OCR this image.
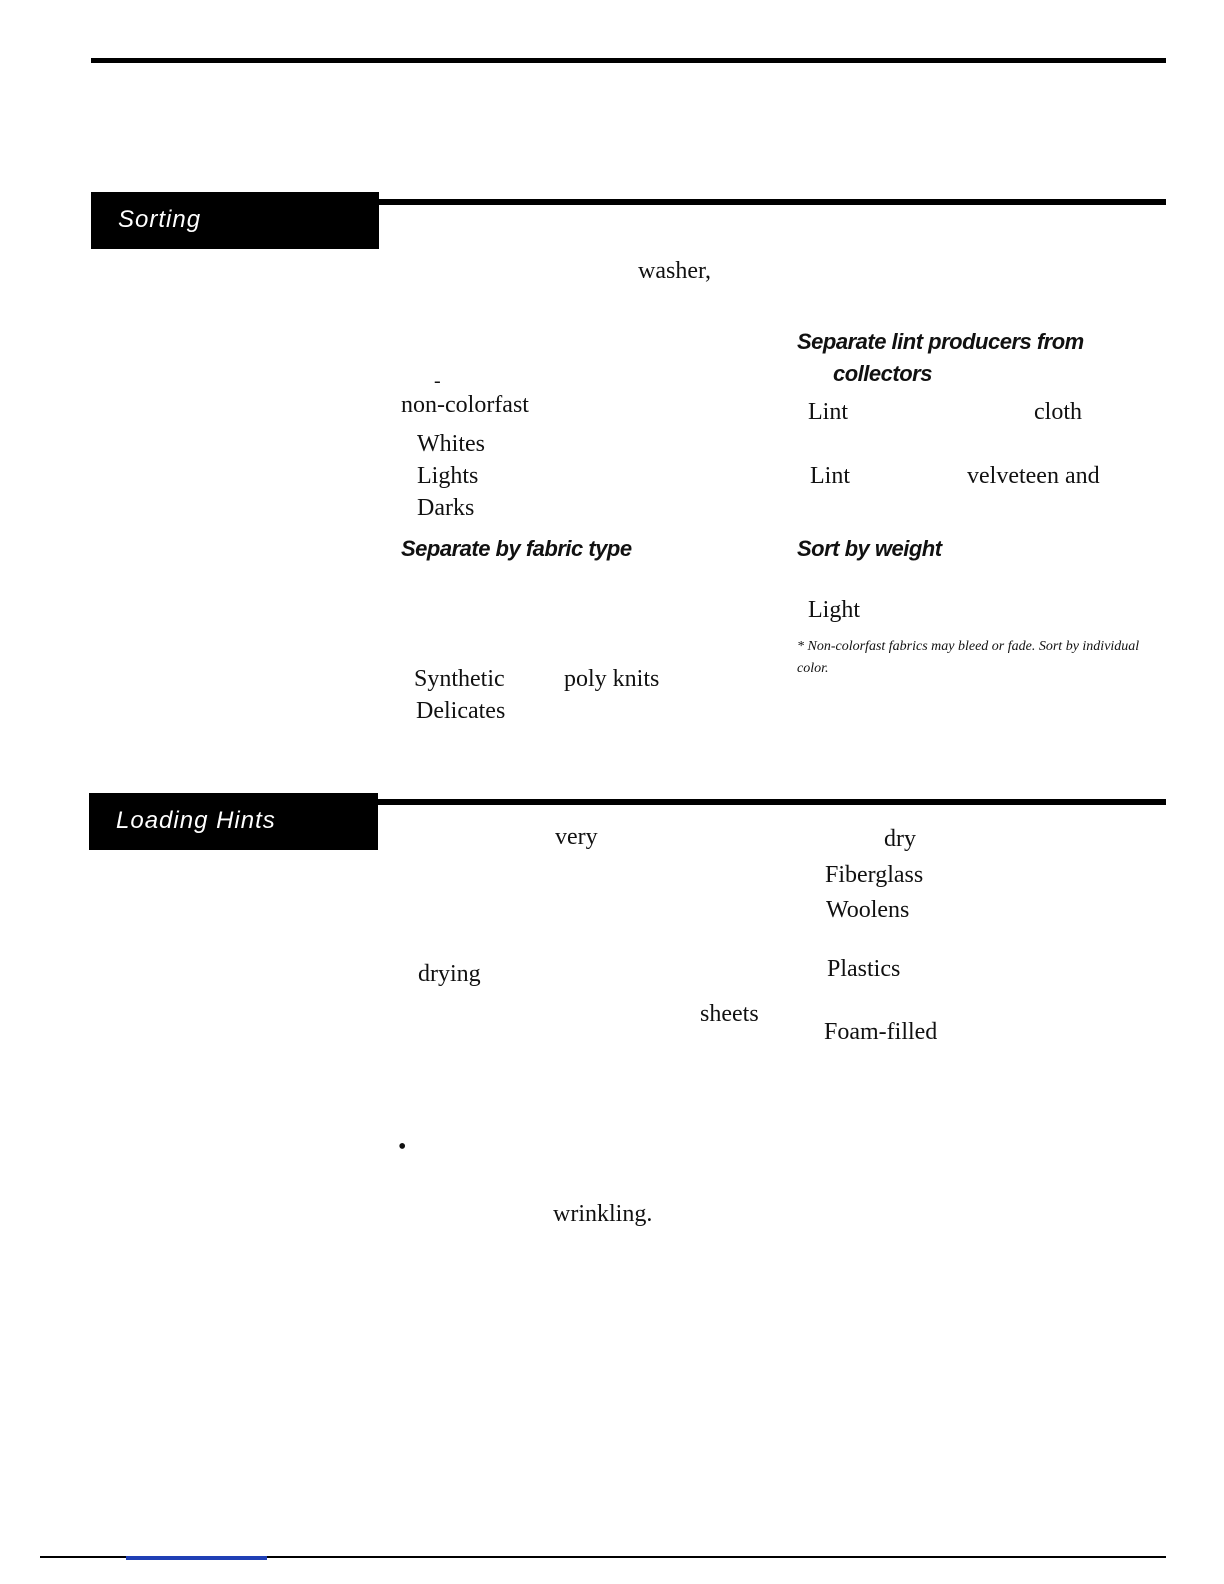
Sorting
washer,
-
non-colorfast
Whites
Lights
Darks
Separate by fabric type
Synthetic poly knits
Delicates
Separate lint producers from
collectors
Lint	cloth
Lint	velveteen and
Sort by weight
Light
* Non-colorfast fabrics may bleed or fade. Sort by individual color.
Loading Hints
very
drying
sheets
•
wrinkling.
dry
Fiberglass
Woolens
Plastics
Foam-filled
